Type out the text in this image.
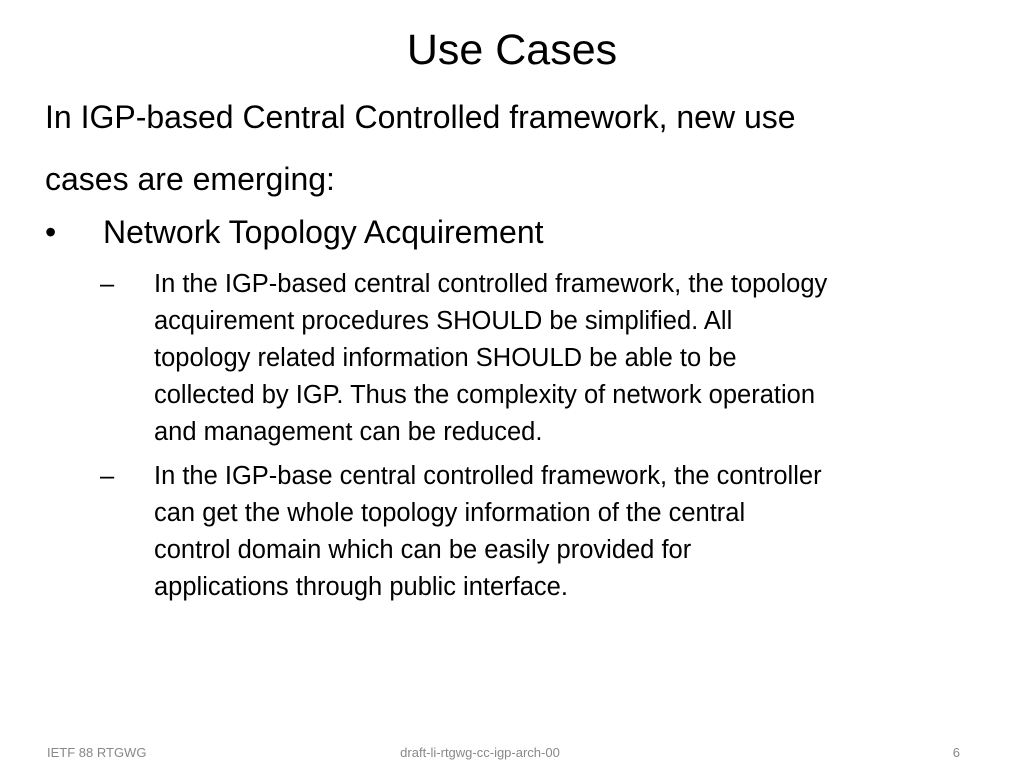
Use Cases
In IGP-based Central Controlled framework, new use
cases are emerging:
• Network Topology Acquirement
– In the IGP-based central controlled framework, the topology
acquirement procedures SHOULD be simplified. All
topology related information SHOULD be able to be
collected by IGP. Thus the complexity of network operation
and management can be reduced.
– In the IGP-base central controlled framework, the controller
can get the whole topology information of the central
control domain which can be easily provided for
applications through public interface.
IETF 88 RTGWG	draft-li-rtgwg-cc-igp-arch-00	6
